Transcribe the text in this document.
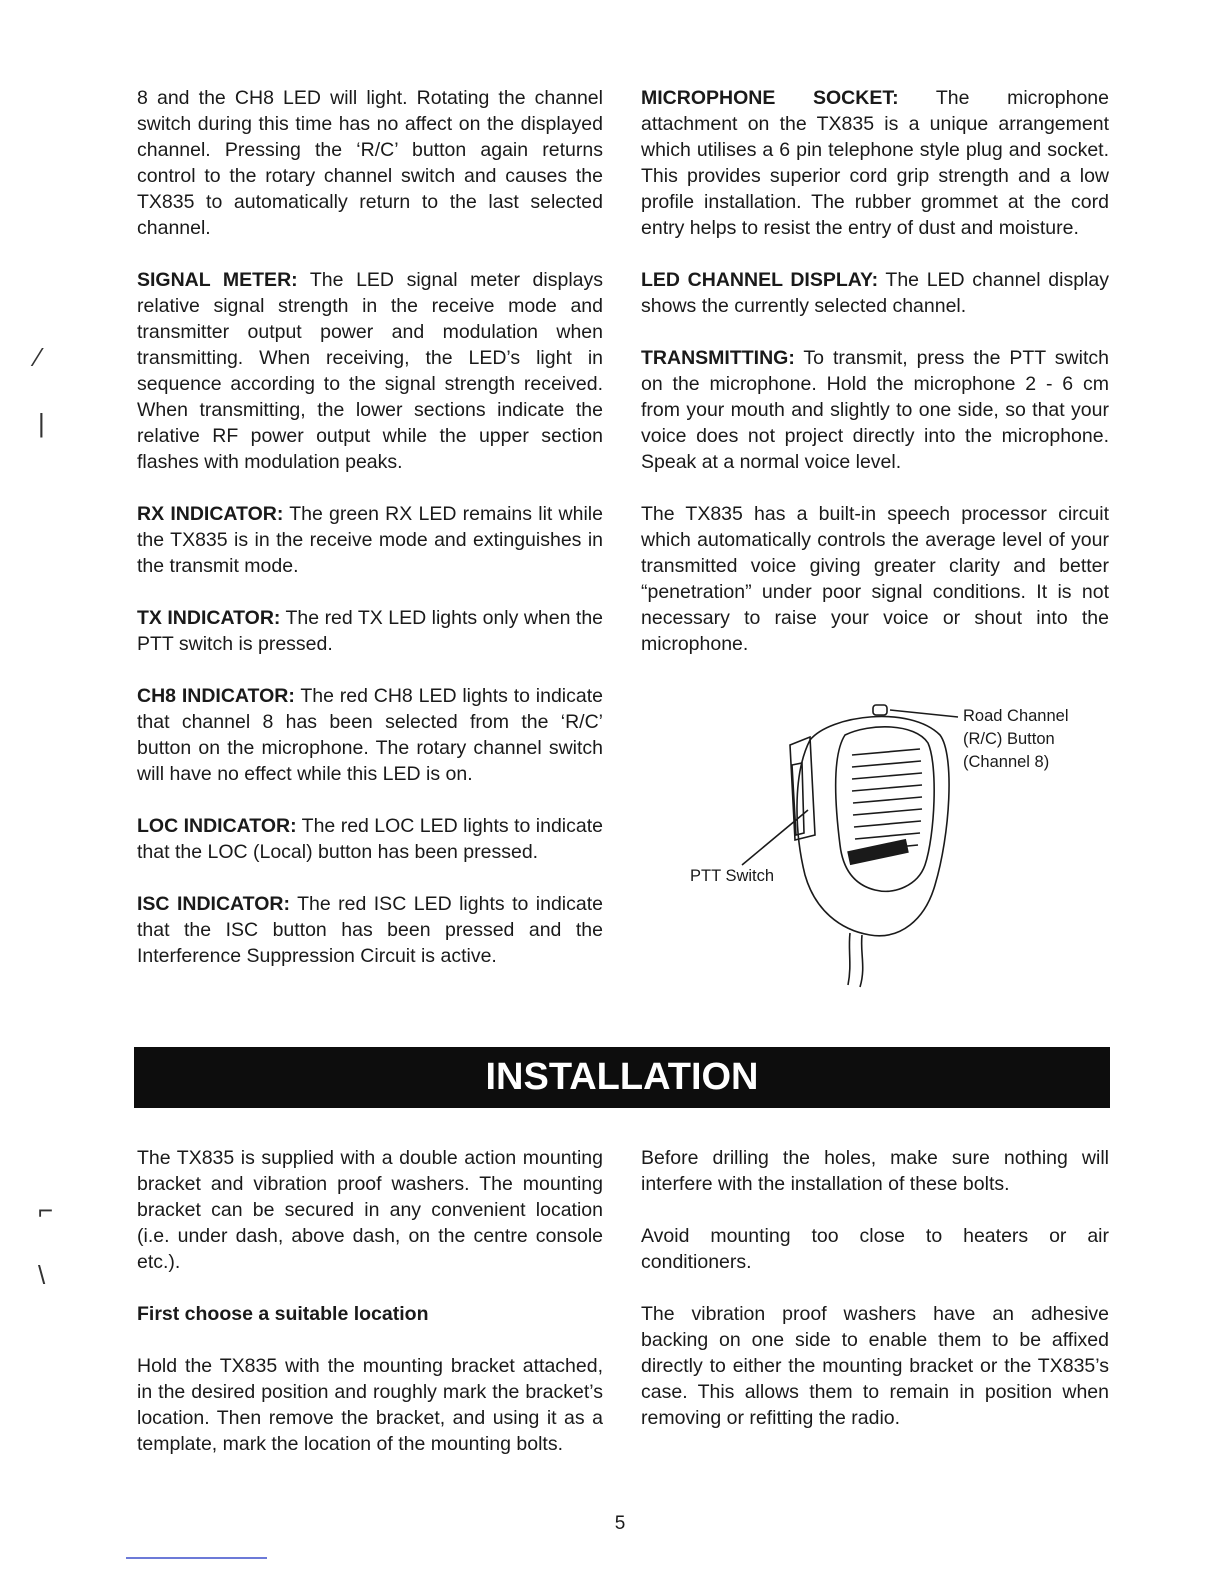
⁄
|
⌐
\

8 and the CH8 LED will light. Rotating the channel switch during this time has no affect on the displayed channel. Pressing the ‘R/C’ button again returns control to the rotary channel switch and causes the TX835 to automatically return to the last selected channel.

SIGNAL METER: The LED signal meter displays relative signal strength in the receive mode and transmitter output power and modulation when transmitting. When receiving, the LED’s light in sequence according to the signal strength received. When transmitting, the lower sections indicate the relative RF power output while the upper section flashes with modulation peaks.

RX INDICATOR: The green RX LED remains lit while the TX835 is in the receive mode and extinguishes in the transmit mode.

TX INDICATOR: The red TX LED lights only when the PTT switch is pressed.

CH8 INDICATOR: The red CH8 LED lights to indicate that channel 8 has been selected from the ‘R/C’ button on the microphone. The rotary channel switch will have no effect while this LED is on.

LOC INDICATOR: The red LOC LED lights to indicate that the LOC (Local) button has been pressed.

ISC INDICATOR: The red ISC LED lights to indicate that the ISC button has been pressed and the Interference Suppression Circuit is active.

MICROPHONE SOCKET: The microphone attachment on the TX835 is a unique arrangement which utilises a 6 pin telephone style plug and socket. This provides superior cord grip strength and a low profile installation. The rubber grommet at the cord entry helps to resist the entry of dust and moisture.

LED CHANNEL DISPLAY: The LED channel display shows the currently selected channel.

TRANSMITTING: To transmit, press the PTT switch on the microphone. Hold the microphone 2 - 6 cm from your mouth and slightly to one side, so that your voice does not project directly into the microphone. Speak at a normal voice level.

The TX835 has a built-in speech processor circuit which automatically controls the average level of your transmitted voice giving greater clarity and better “penetration” under poor signal conditions. It is not necessary to raise your voice or shout into the microphone.

Road Channel
(R/C) Button
(Channel 8)
PTT Switch
INSTALLATION

The TX835 is supplied with a double action mounting bracket and vibration proof washers. The mounting bracket can be secured in any convenient location (i.e. under dash, above dash, on the centre console etc.).

First choose a suitable location

Hold the TX835 with the mounting bracket attached, in the desired position and roughly mark the bracket’s location. Then remove the bracket, and using it as a template, mark the location of the mounting bolts.

Before drilling the holes, make sure nothing will interfere with the installation of these bolts.

Avoid mounting too close to heaters or air conditioners.

The vibration proof washers have an adhesive backing on one side to enable them to be affixed directly to either the mounting bracket or the TX835’s case. This allows them to remain in position when removing or refitting the radio.

5
